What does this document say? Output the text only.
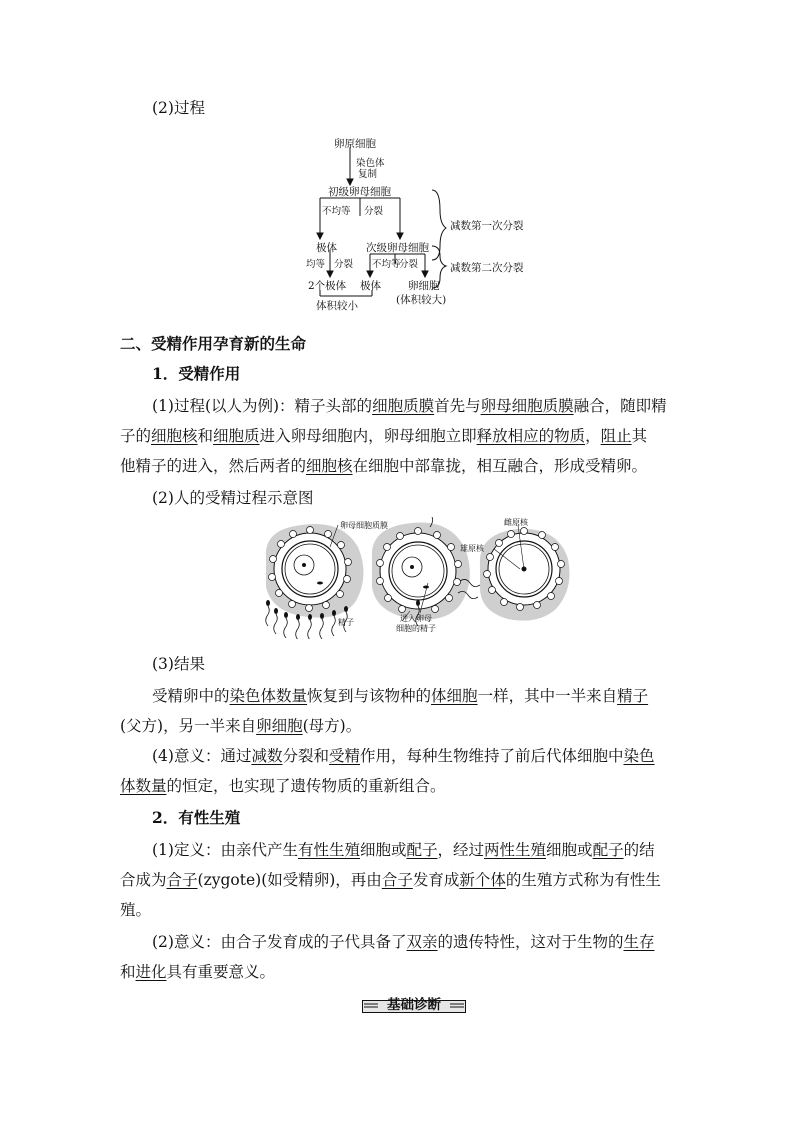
(2)过程
卵原细胞
染色体
复制
初级卵母细胞
不均等 分裂
极体	次级卵母细胞
均等 分裂 不均等
分裂
2个极体 极体	卵细胞
体积较小	(体积较大)
减数第一次分裂
减数第二次分裂
二、受精作用孕育新的生命
1．受精作用
(1)过程(以人为例)：精子头部的细胞质膜首先与卵母细胞质膜融合，随即精
子的细胞核和细胞质进入卵母细胞内，卵母细胞立即释放相应的物质，阻止其
他精子的进入，然后两者的细胞核在细胞中部靠拢，相互融合，形成受精卵。
(2)人的受精过程示意图
卵母细胞质膜
精子	进入卵母
细胞的精子
雌原核
雄原核
(3)结果
受精卵中的染色体数量恢复到与该物种的体细胞一样，其中一半来自精子
(父方)，另一半来自卵细胞(母方)。
(4)意义：通过减数分裂和受精作用，每种生物维持了前后代体细胞中染色
体数量的恒定，也实现了遗传物质的重新组合。
2．有性生殖
(1)定义：由亲代产生有性生殖细胞或配子，经过两性生殖细胞或配子的结
合成为合子(zygote)(如受精卵)，再由合子发育成新个体的生殖方式称为有性生
殖。
(2)意义：由合子发育成的子代具备了双亲的遗传特性，这对于生物的生存
和进化具有重要意义。
基础诊断
